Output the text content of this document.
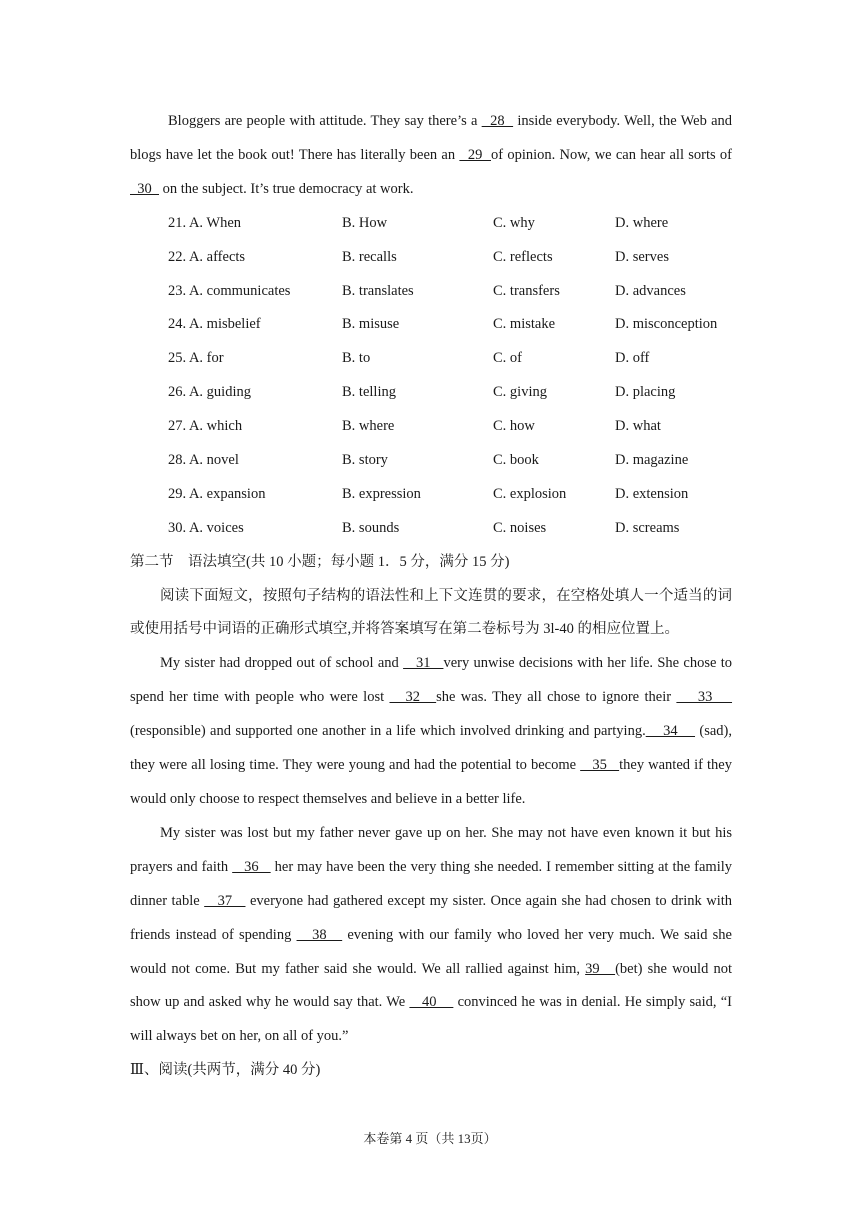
Bloggers are people with attitude. They say there’s a   28   inside everybody. Well, the Web and blogs have let the book out! There has literally been an   29  of opinion. Now, we can hear all sorts of   30   on the subject. It’s true democracy at work.

21. A. When	B. How	C. why	D. where
22. A. affects	B. recalls	C. reflects	D. serves
23. A. communicates	B. translates	C. transfers	D. advances
24. A. misbelief	B. misuse	C. mistake	D. misconception
25. A. for	B. to	C. of	D. off
26. A. guiding	B. telling	C. giving	D. placing
27. A. which	B. where	C. how	D. what
28. A. novel	B. story	C. book	D. magazine
29. A. expansion	B. expression	C. explosion	D. extension
30. A. voices	B. sounds	C. noises	D. screams

第二节　语法填空(共 10 小题；每小题 1．5 分，满分 15 分)

阅读下面短文，按照句子结构的语法性和上下文连贯的要求，在空格处填人一个适当的词或使用括号中词语的正确形式填空,并将答案填写在第二卷标号为 3l-40 的相应位置上。

My sister had dropped out of school and    31   very unwise decisions with her life. She chose to spend her time with people who were lost    32   she was. They all chose to ignore their     33     (responsible) and supported one another in a life which involved drinking and partying.    34     (sad), they were all losing time. They were young and had the potential to become    35   they wanted if they would only choose to respect themselves and believe in a better life.

My sister was lost but my father never gave up on her. She may not have even known it but his prayers and faith    36    her may have been the very thing she needed. I remember sitting at the family dinner table    37    everyone had gathered except my sister. Once again she had chosen to drink with friends instead of spending    38    evening with our family who loved her very much. We said she would not come. But my father said she would. We all rallied against him, 39   (bet) she would not show up and asked why he would say that. We    40     convinced he was in denial. He simply said, “I will always bet on her, on all of you.”

Ⅲ、阅读(共两节，满分 40 分)

本卷第 4 页（共 13页）
